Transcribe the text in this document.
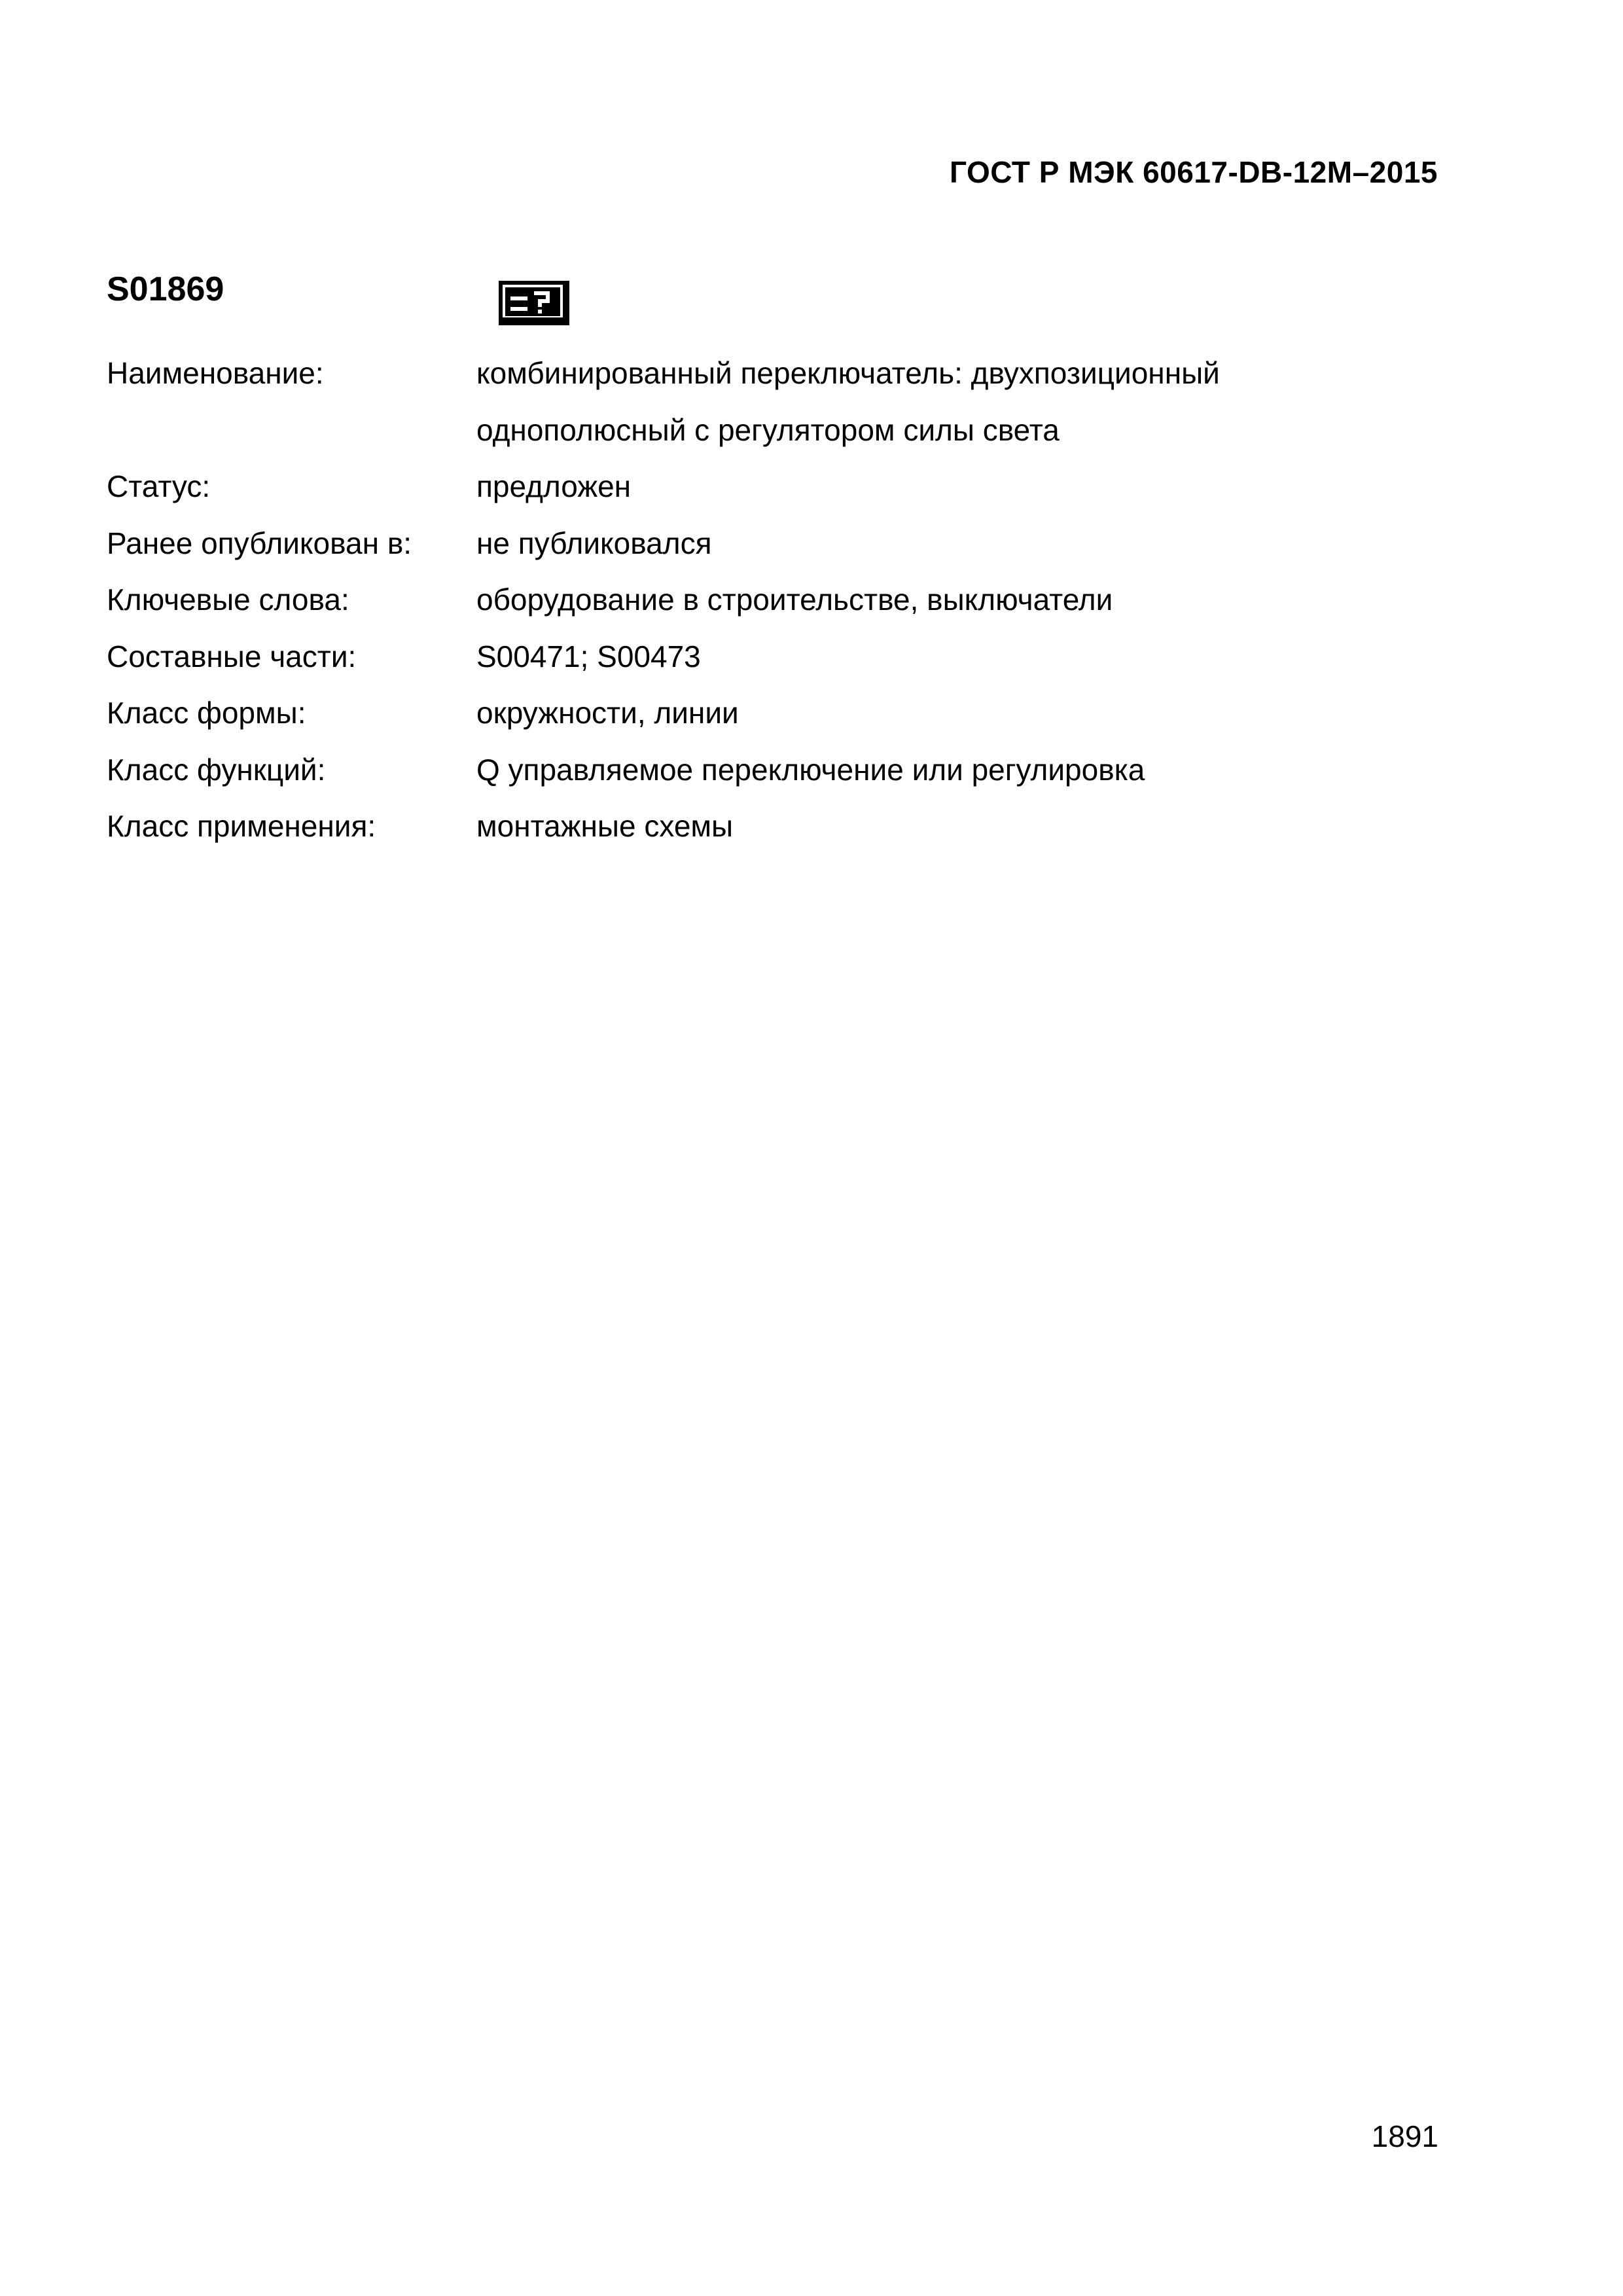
ГОСТ Р МЭК 60617-DB-12M–2015
S01869
Наименование:	комбинированный переключатель: двухпозиционный
однополюсный с регулятором силы света
Статус:	предложен
Ранее опубликован в:	не публиковался
Ключевые слова:	оборудование в строительстве, выключатели
Составные части:	S00471; S00473
Класс формы:	окружности, линии
Класс функций:	Q управляемое переключение или регулировка
Класс применения:	монтажные схемы
1891
